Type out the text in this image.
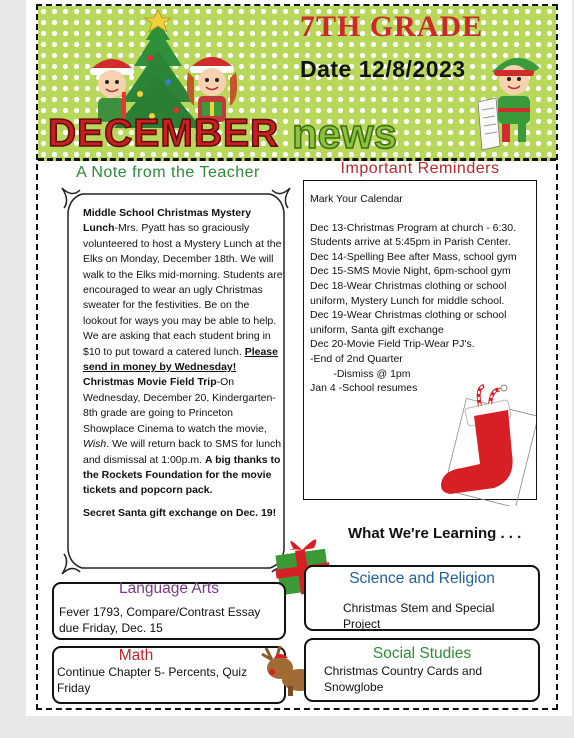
7TH GRADE

Date 12/8/2023

DECEMBER news

A Note from the Teacher

Middle School Christmas Mystery Lunch-Mrs. Pyatt has so graciously volunteered to host a Mystery Lunch at the Elks on Monday, December 18th. We will walk to the Elks mid-morning. Students are encouraged to wear an ugly Christmas sweater for the festivities. Be on the lookout for ways you may be able to help. We are asking that each student bring in $10 to put toward a catered lunch. Please send in money by Wednesday!

Christmas Movie Field Trip-On Wednesday, December 20, Kindergarten-8th grade are going to Princeton Showplace Cinema to watch the movie, Wish. We will return back to SMS for lunch and dismissal at 1:00p.m. A big thanks to the Rockets Foundation for the movie tickets and popcorn pack.

Secret Santa gift exchange on Dec. 19!

Important Reminders

Mark Your Calendar

Dec 13-Christmas Program at church - 6:30. Students arrive at 5:45pm in Parish Center.

Dec 14-Spelling Bee after Mass, school gym

Dec 15-SMS Movie Night, 6pm-school gym

Dec 18-Wear Christmas clothing or school uniform, Mystery Lunch for middle school.

Dec 19-Wear Christmas clothing or school uniform, Santa gift exchange

Dec 20-Movie Field Trip-Wear PJ's.

-End of 2nd Quarter

-Dismiss @ 1pm

Jan 4 -School resumes

What We're Learning . . .

Language Arts

Fever 1793, Compare/Contrast Essay due Friday, Dec. 15

Math

Continue Chapter 5- Percents, Quiz Friday

Science and Religion

Christmas Stem and Special Project

Social Studies

Christmas Country Cards and Snowglobe
